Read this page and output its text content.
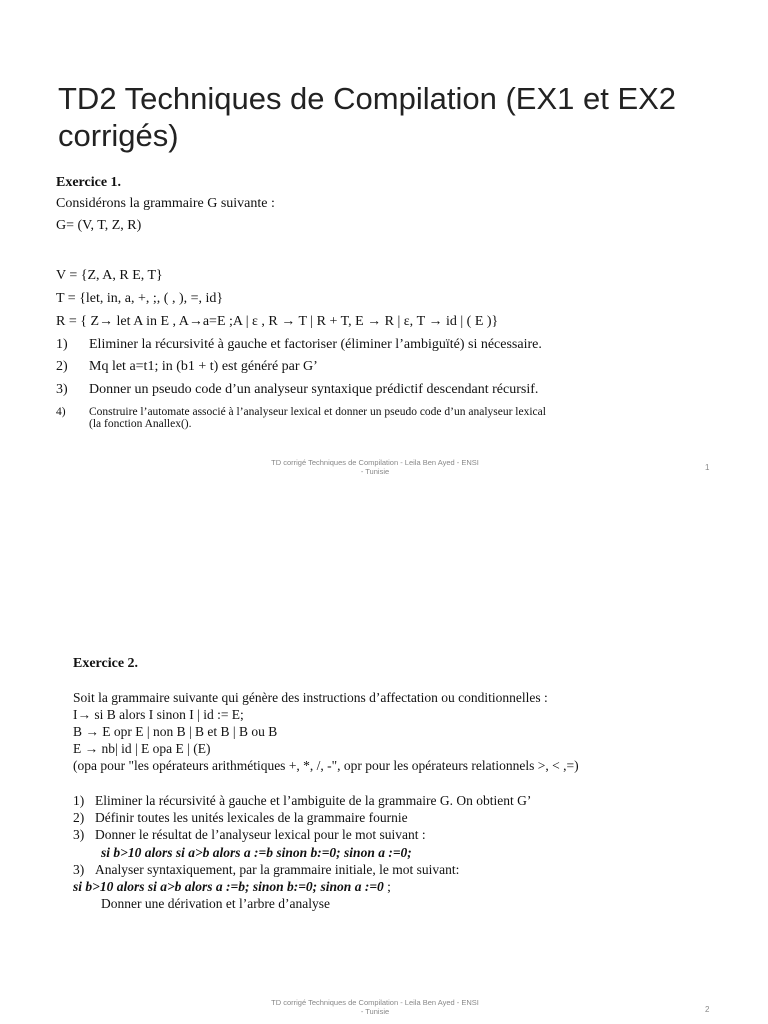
TD2 Techniques de Compilation (EX1 et EX2 corrigés)
Exercice 1.
Considérons la grammaire G suivante :
G= (V, T, Z, R)
V = {Z, A, R E, T}
T = {let, in, a, +, ;, ( , ), =, id}
R = { Z→ let A in E , A→a=E ;A | ε , R → T | R + T, E → R | ε, T → id | ( E )}
1) Eliminer la récursivité à gauche et factoriser (éliminer l’ambiguïté) si nécessaire.
2) Mq let a=t1; in (b1 + t) est généré par G’
3) Donner un pseudo code d’un analyseur syntaxique prédictif descendant récursif.
4) Construire l’automate associé à l’analyseur lexical et donner un pseudo code d’un analyseur lexical
(la fonction Anallex().
TD corrigé Techniques de Compilation - Leila Ben Ayed - ENSI
- Tunisie	1
Exercice 2.
Soit la grammaire suivante qui génère des instructions d’affectation ou conditionnelles :
I→ si B alors I sinon I | id := E;
B → E opr E | non B | B et B | B ou B
E → nb| id | E opa E | (E)
(opa pour "les opérateurs arithmétiques +, *, /, -", opr pour les opérateurs relationnels >, < ,=)
1) Eliminer la récursivité à gauche et l’ambiguite de la grammaire G. On obtient G’
2) Définir toutes les unités lexicales de la grammaire fournie
3) Donner le résultat de l’analyseur lexical pour le mot suivant :
si b>10 alors si a>b alors a :=b sinon b:=0; sinon a :=0;
3) Analyser syntaxiquement, par la grammaire initiale, le mot suivant:
si b>10 alors si a>b alors a :=b; sinon b:=0; sinon a :=0 ;
Donner une dérivation et l’arbre d’analyse
TD corrigé Techniques de Compilation - Leila Ben Ayed - ENSI
- Tunisie	2
